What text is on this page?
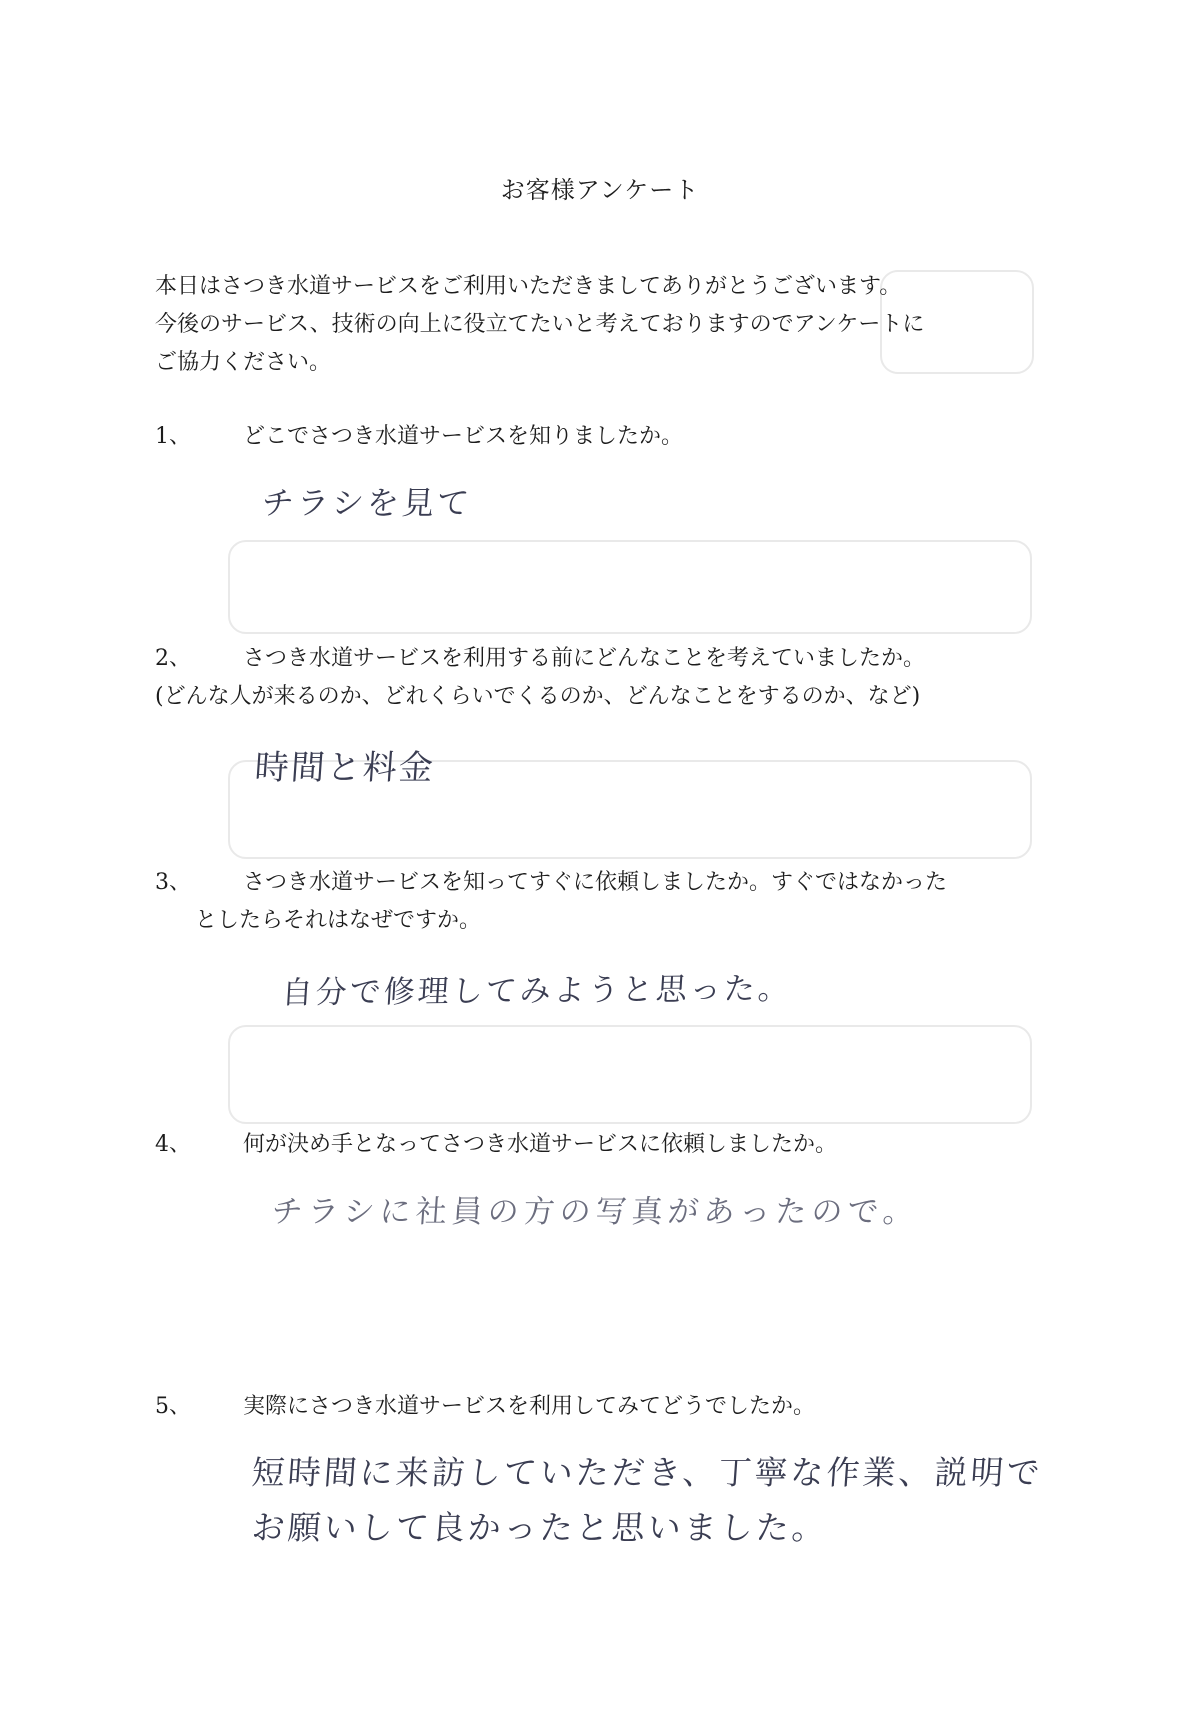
お客様アンケート
本日はさつき水道サービスをご利用いただきましてありがとうございます。
今後のサービス、技術の向上に役立てたいと考えておりますのでアンケートに
ご協力ください。
1、 どこでさつき水道サービスを知りましたか。
チラシを見て
2、 さつき水道サービスを利用する前にどんなことを考えていましたか。
(どんな人が来るのか、どれくらいでくるのか、どんなことをするのか、など)
時間と料金
3、 さつき水道サービスを知ってすぐに依頼しましたか。すぐではなかった
としたらそれはなぜですか。
自分で修理してみようと思った。
4、 何が決め手となってさつき水道サービスに依頼しましたか。
チラシに社員の方の写真があったので。
5、 実際にさつき水道サービスを利用してみてどうでしたか。
短時間に来訪していただき、丁寧な作業、説明で
お願いして良かったと思いました。
